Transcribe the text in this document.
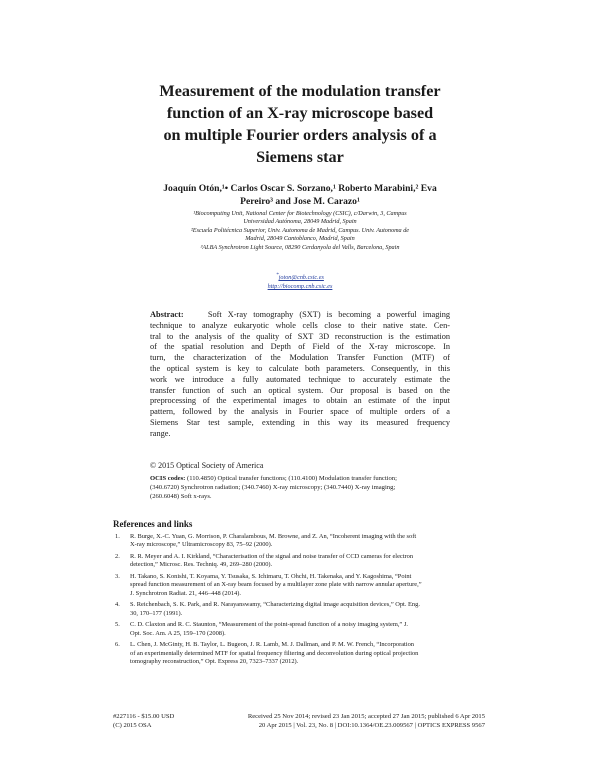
Measurement of the modulation transfer
function of an X-ray microscope based
on multiple Fourier orders analysis of a
Siemens star
Joaquín Otón,¹• Carlos Oscar S. Sorzano,¹ Roberto Marabini,² Eva
Pereiro³ and Jose M. Carazo¹
¹Biocomputing Unit, National Center for Biotechnology (CSIC), c/Darwin, 3, Campus
Universidad Autónoma, 28049 Madrid, Spain
²Escuela Politécnica Superior, Univ. Autonoma de Madrid, Campus. Univ. Autonoma de
Madrid, 28049 Cantoblanco, Madrid, Spain
³ALBA Synchrotron Light Source, 08290 Cerdanyola del Valls, Barcelona, Spain
*joton@cnb.csic.es
http://biocomp.cnb.csic.es
Abstract:	Soft X-ray tomography (SXT) is becoming a powerful imaging
technique to analyze eukaryotic whole cells close to their native state. Cen-
tral to the analysis of the quality of SXT 3D reconstruction is the estimation
of the spatial resolution and Depth of Field of the X-ray microscope. In
turn, the characterization of the Modulation Transfer Function (MTF) of
the optical system is key to calculate both parameters. Consequently, in this
work we introduce a fully automated technique to accurately estimate the
transfer function of such an optical system. Our proposal is based on the
preprocessing of the experimental images to obtain an estimate of the input
pattern, followed by the analysis in Fourier space of multiple orders of a
Siemens Star test sample, extending in this way its measured frequency
range.
© 2015 Optical Society of America
OCIS codes: (110.4850) Optical transfer functions; (110.4100) Modulation transfer function;
(340.6720) Synchrotron radiation; (340.7460) X-ray microscopy; (340.7440) X-ray imaging;
(260.6048) Soft x-rays.
References and links
1. R. Burge, X.-C. Yuan, G. Morrison, P. Charalambous, M. Browne, and Z. An, “Incoherent imaging with the soft
X-ray microscope,” Ultramicroscopy 83, 75–92 (2000).
2. R. R. Meyer and A. I. Kirkland, “Characterisation of the signal and noise transfer of CCD cameras for electron
detection,” Microsc. Res. Techniq. 49, 269–280 (2000).
3. H. Takano, S. Konishi, T. Koyama, Y. Tsusaka, S. Ichimaru, T. Ohchi, H. Takenaka, and Y. Kagoshima, “Point
spread function measurement of an X-ray beam focused by a multilayer zone plate with narrow annular aperture,”
J. Synchrotron Radiat. 21, 446–448 (2014).
4. S. Reichenbach, S. K. Park, and R. Narayanswamy, “Characterizing digital image acquisition devices,” Opt. Eng.
30, 170–177 (1991).
5. C. D. Claxton and R. C. Staunton, “Measurement of the point-spread function of a noisy imaging system,” J.
Opt. Soc. Am. A 25, 159–170 (2008).
6. L. Chen, J. McGinty, H. B. Taylor, L. Bugeon, J. R. Lamb, M. J. Dallman, and P. M. W. French, “Incorporation
of an experimentally determined MTF for spatial frequency filtering and deconvolution during optical projection
tomography reconstruction,” Opt. Express 20, 7323–7337 (2012).
#227116 - $15.00 USD
(C) 2015 OSA
Received 25 Nov 2014; revised 23 Jan 2015; accepted 27 Jan 2015; published 6 Apr 2015
20 Apr 2015 | Vol. 23, No. 8 | DOI:10.1364/OE.23.009567 | OPTICS EXPRESS 9567
